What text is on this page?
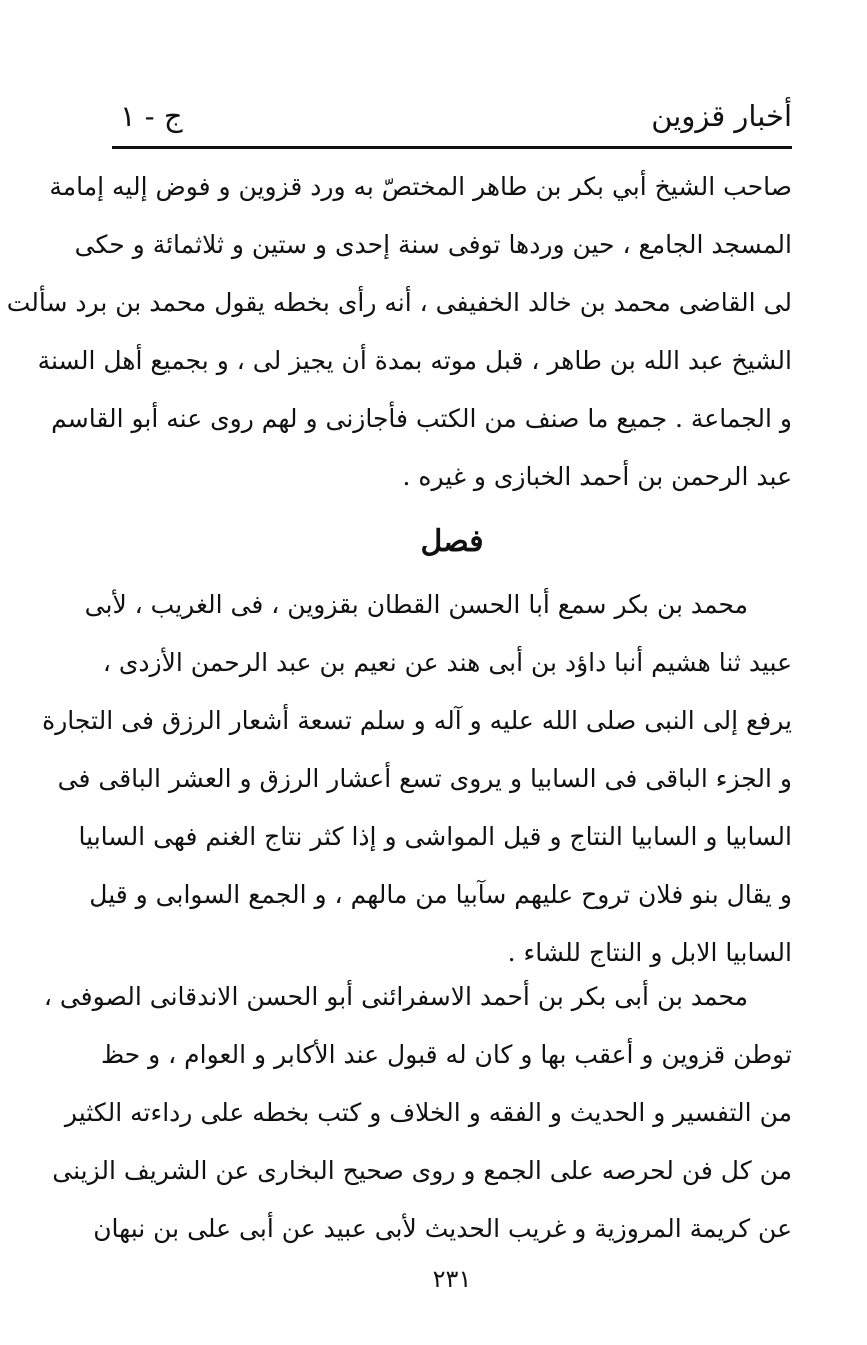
أخبار قزوين
ج - ١
صاحب الشيخ أبي بكر بن طاهر المختصّ به ورد قزوين و فوض إليه إمامة
المسجد الجامع ، حين وردها توفى سنة إحدى و ستين و ثلاثمائة و حكى
لى القاضى محمد بن خالد الخفيفى ، أنه رأى بخطه يقول محمد بن برد سألت
الشيخ عبد الله بن طاهر ، قبل موته بمدة أن يجيز لى ، و بجميع أهل السنة
و الجماعة . جميع ما صنف من الكتب فأجازنى و لهم روى عنه أبو القاسم
عبد الرحمن بن أحمد الخبازى و غيره .
فصل
محمد بن بكر سمع أبا الحسن القطان بقزوين ، فى الغريب ، لأبى
عبيد ثنا هشيم أنبا داؤد بن أبى هند عن نعيم بن عبد الرحمن الأزدى ،
يرفع إلى النبى صلى الله عليه و آله و سلم تسعة أشعار الرزق فى التجارة
و الجزء الباقى فى السابيا و يروى تسع أعشار الرزق و العشر الباقى فى
السابيا و السابيا النتاج و قيل المواشى و إذا كثر نتاج الغنم فهى السابيا
و يقال بنو فلان تروح عليهم سآبيا من مالهم ، و الجمع السوابى و قيل
السابيا الابل و النتاج للشاء .
محمد بن أبى بكر بن أحمد الاسفرائنى أبو الحسن الاندقانى الصوفى ،
توطن قزوين و أعقب بها و كان له قبول عند الأكابر و العوام ، و حظ
من التفسير و الحديث و الفقه و الخلاف و كتب بخطه على رداءته الكثير
من كل فن لحرصه على الجمع و روى صحيح البخارى عن الشريف الزينى
عن كريمة المروزية و غريب الحديث لأبى عبيد عن أبى على بن نبهان
٢٣١
